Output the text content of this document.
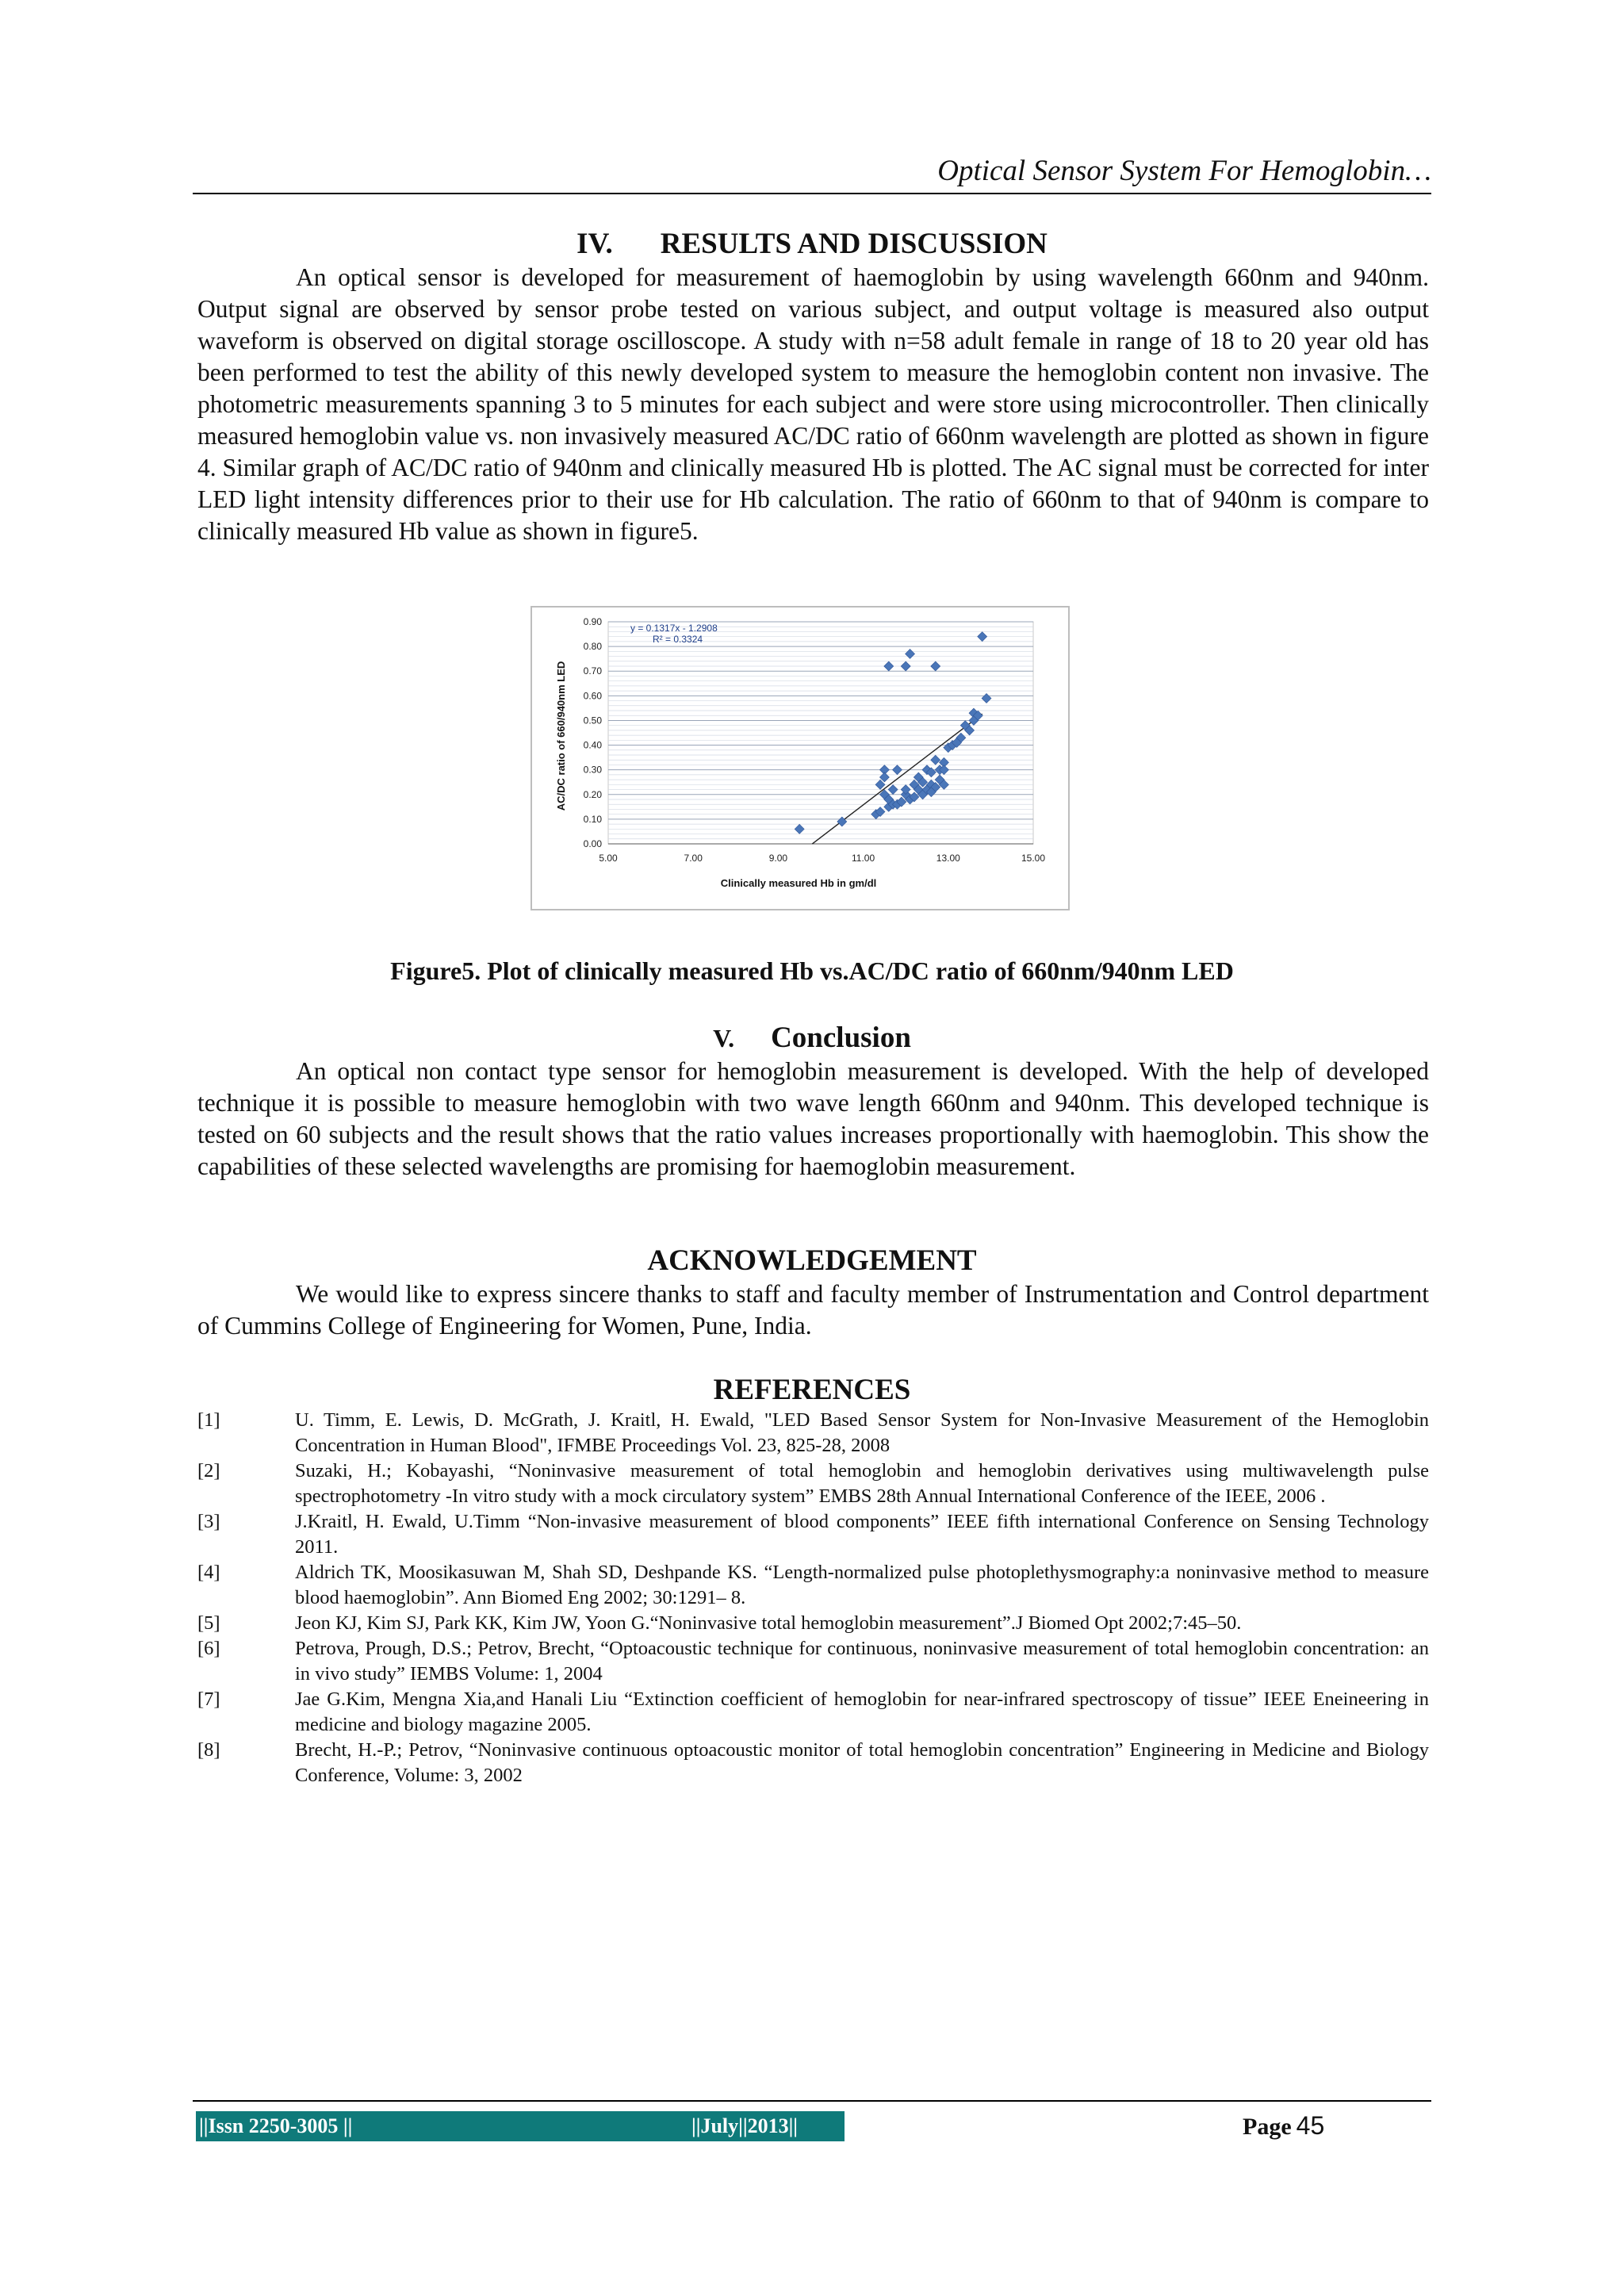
Optical Sensor System For Hemoglobin…
IV. RESULTS AND DISCUSSION

An optical sensor is developed for measurement of haemoglobin by using wavelength 660nm and 940nm. Output signal are observed by sensor probe tested on various subject, and output voltage is measured also output waveform is observed on digital storage oscilloscope. A study with n=58 adult female in range of 18 to 20 year old has been performed to test the ability of this newly developed system to measure the hemoglobin content non invasive. The photometric measurements spanning 3 to 5 minutes for each subject and were store using microcontroller. Then clinically measured hemoglobin value vs. non invasively measured AC/DC ratio of 660nm wavelength are plotted as shown in figure 4. Similar graph of AC/DC ratio of 940nm and clinically measured Hb is plotted. The AC signal must be corrected for inter LED light intensity differences prior to their use for Hb calculation. The ratio of 660nm to that of 940nm is compare to clinically measured Hb value as shown in figure5.

0.00
0.10
0.20
0.30
0.40
0.50
0.60
0.70
0.80
0.90
5.00	7.00	9.00	11.00	13.00	15.00
y = 0.1317x - 1.2908
R² = 0.3324
Clinically measured Hb in gm/dl
AC/DC ratio of 660/940nm LED
Figure5. Plot of clinically measured Hb vs.AC/DC ratio of 660nm/940nm LED
V. Conclusion

An optical non contact type sensor for hemoglobin measurement is developed. With the help of developed technique it is possible to measure hemoglobin with two wave length 660nm and 940nm. This developed technique is tested on 60 subjects and the result shows that the ratio values increases proportionally with haemoglobin. This show the capabilities of these selected wavelengths are promising for haemoglobin measurement.

ACKNOWLEDGEMENT

We would like to express sincere thanks to staff and faculty member of Instrumentation and Control department of Cummins College of Engineering for Women, Pune, India.

REFERENCES
[1]	U. Timm, E. Lewis, D. McGrath, J. Kraitl, H. Ewald, "LED Based Sensor System for Non-Invasive Measurement of the Hemoglobin Concentration in Human Blood", IFMBE Proceedings Vol. 23, 825-28, 2008
[2]	Suzaki, H.; Kobayashi, “Noninvasive measurement of total hemoglobin and hemoglobin derivatives using multiwavelength pulse spectrophotometry -In vitro study with a mock circulatory system” EMBS 28th Annual International Conference of the IEEE, 2006 .
[3]	J.Kraitl, H. Ewald, U.Timm “Non-invasive measurement of blood components” IEEE fifth international Conference on Sensing Technology 2011.
[4]	Aldrich TK, Moosikasuwan M, Shah SD, Deshpande KS. “Length-normalized pulse photoplethysmography:a noninvasive method to measure blood haemoglobin”. Ann Biomed Eng 2002; 30:1291– 8.
[5]	Jeon KJ, Kim SJ, Park KK, Kim JW, Yoon G.“Noninvasive total hemoglobin measurement”.J Biomed Opt 2002;7:45–50.
[6]	Petrova, Prough, D.S.; Petrov, Brecht, “Optoacoustic technique for continuous, noninvasive measurement of total hemoglobin concentration: an in vivo study” IEMBS Volume: 1, 2004
[7]	Jae G.Kim, Mengna Xia,and Hanali Liu “Extinction coefficient of hemoglobin for near-infrared spectroscopy of tissue” IEEE Eneineering in medicine and biology magazine 2005.
[8]	Brecht, H.-P.; Petrov, “Noninvasive continuous optoacoustic monitor of total hemoglobin concentration” Engineering in Medicine and Biology Conference, Volume: 3, 2002
||Issn 2250-3005 ||	||July||2013||	Page 45
